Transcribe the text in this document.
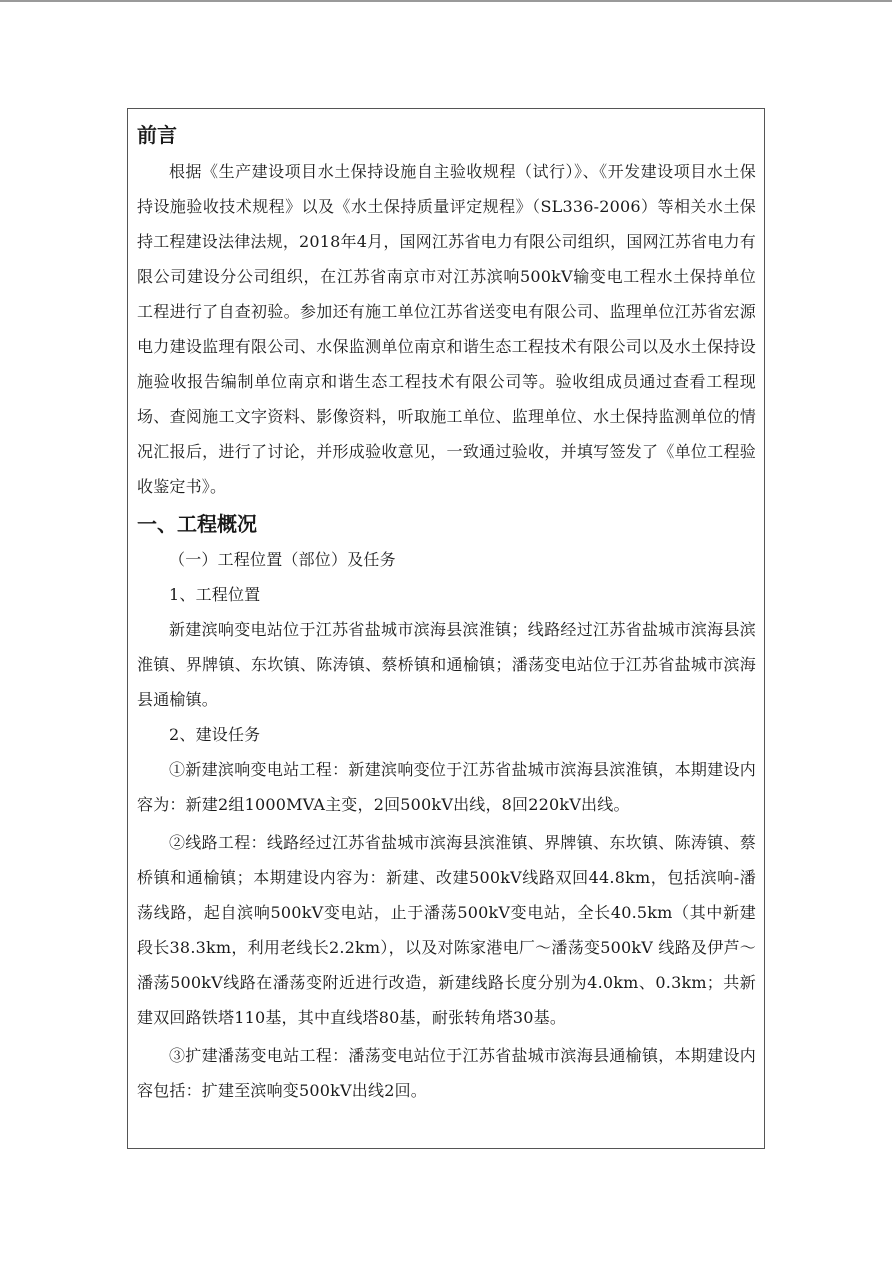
前言

根据《生产建设项目水土保持设施自主验收规程（试行）》、《开发建设项目水土保持设施验收技术规程》以及《水土保持质量评定规程》（SL336-2006）等相关水土保持工程建设法律法规，2018年4月，国网江苏省电力有限公司组织，国网江苏省电力有限公司建设分公司组织，在江苏省南京市对江苏滨响500kV输变电工程水土保持单位工程进行了自查初验。参加还有施工单位江苏省送变电有限公司、监理单位江苏省宏源电力建设监理有限公司、水保监测单位南京和谐生态工程技术有限公司以及水土保持设施验收报告编制单位南京和谐生态工程技术有限公司等。验收组成员通过查看工程现场、查阅施工文字资料、影像资料，听取施工单位、监理单位、水土保持监测单位的情况汇报后，进行了讨论，并形成验收意见，一致通过验收，并填写签发了《单位工程验收鉴定书》。

一、工程概况

（一）工程位置（部位）及任务

1、工程位置

新建滨响变电站位于江苏省盐城市滨海县滨淮镇；线路经过江苏省盐城市滨海县滨淮镇、界牌镇、东坎镇、陈涛镇、蔡桥镇和通榆镇；潘荡变电站位于江苏省盐城市滨海县通榆镇。

2、建设任务

①新建滨响变电站工程：新建滨响变位于江苏省盐城市滨海县滨淮镇，本期建设内容为：新建2组1000MVA主变，2回500kV出线，8回220kV出线。

②线路工程：线路经过江苏省盐城市滨海县滨淮镇、界牌镇、东坎镇、陈涛镇、蔡桥镇和通榆镇；本期建设内容为：新建、改建500kV线路双回44.8km，包括滨响-潘荡线路，起自滨响500kV变电站，止于潘荡500kV变电站，全长40.5km（其中新建段长38.3km，利用老线长2.2km），以及对陈家港电厂～潘荡变500kV 线路及伊芦～潘荡500kV线路在潘荡变附近进行改造，新建线路长度分别为4.0km、0.3km；共新建双回路铁塔110基，其中直线塔80基，耐张转角塔30基。

③扩建潘荡变电站工程：潘荡变电站位于江苏省盐城市滨海县通榆镇，本期建设内容包括：扩建至滨响变500kV出线2回。
